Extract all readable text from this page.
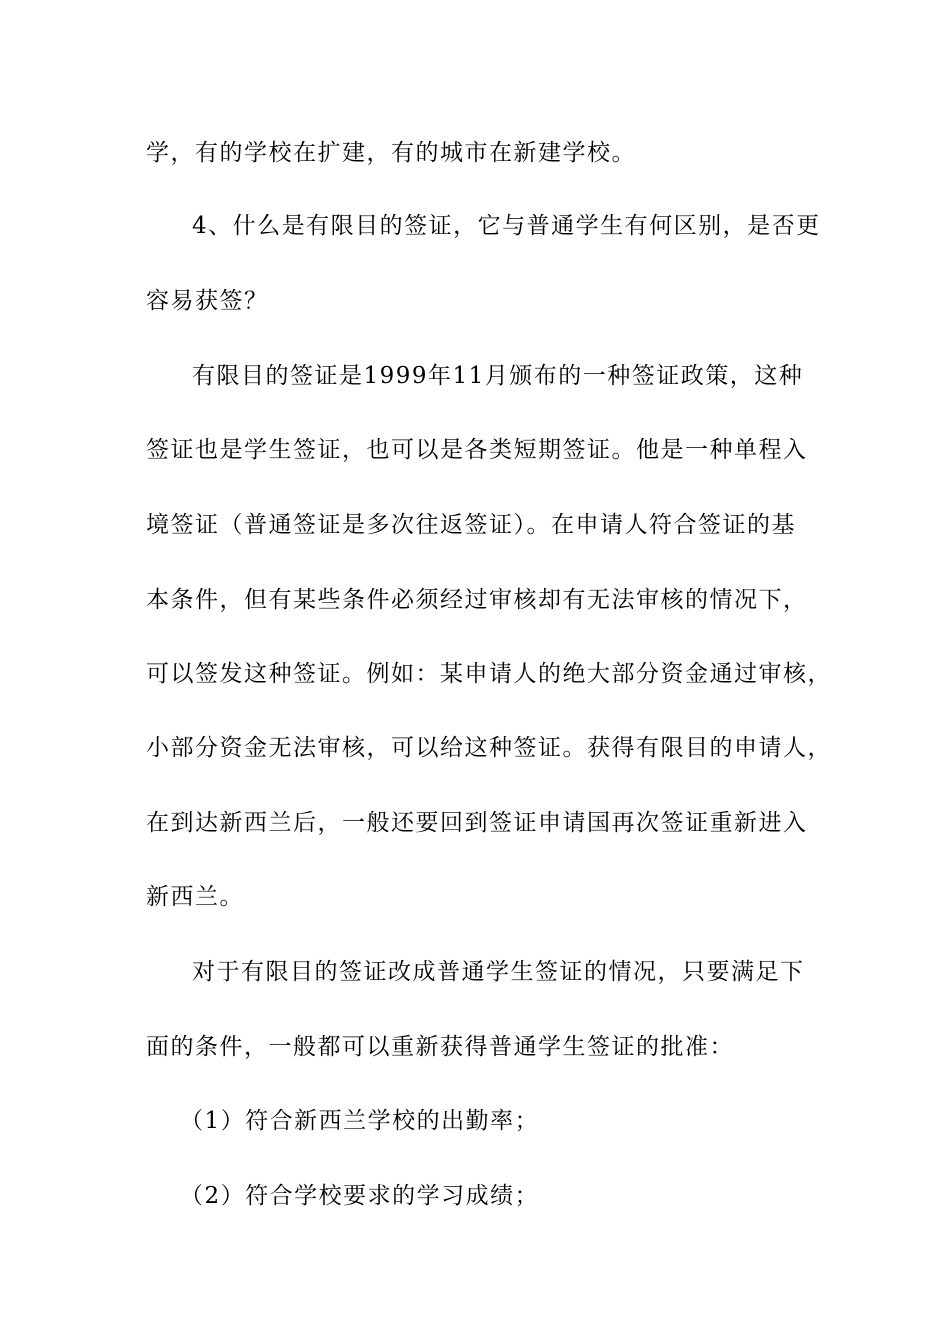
学，有的学校在扩建，有的城市在新建学校。
4、什么是有限目的签证，它与普通学生有何区别，是否更
容易获签？
有限目的签证是1999年11月颁布的一种签证政策，这种
签证也是学生签证，也可以是各类短期签证。他是一种单程入
境签证（普通签证是多次往返签证）。在申请人符合签证的基
本条件，但有某些条件必须经过审核却有无法审核的情况下，
可以签发这种签证。例如：某申请人的绝大部分资金通过审核，
小部分资金无法审核，可以给这种签证。获得有限目的申请人，
在到达新西兰后，一般还要回到签证申请国再次签证重新进入
新西兰。
对于有限目的签证改成普通学生签证的情况，只要满足下
面的条件，一般都可以重新获得普通学生签证的批准：
（1）符合新西兰学校的出勤率；
（2）符合学校要求的学习成绩；
